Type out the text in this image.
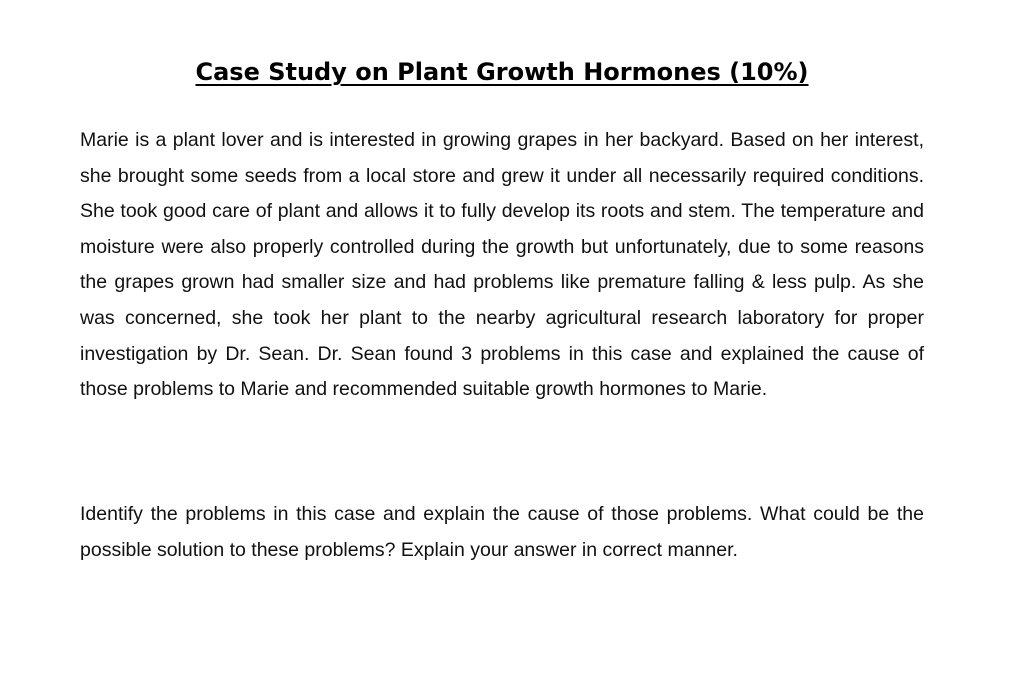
Case Study on Plant Growth Hormones (10%)

Marie is a plant lover and is interested in growing grapes in her backyard. Based on her interest, she brought some seeds from a local store and grew it under all necessarily required conditions. She took good care of plant and allows it to fully develop its roots and stem. The temperature and moisture were also properly controlled during the growth but unfortunately, due to some reasons the grapes grown had smaller size and had problems like premature falling & less pulp. As she was concerned, she took her plant to the nearby agricultural research laboratory for proper investigation by Dr. Sean. Dr. Sean found 3 problems in this case and explained the cause of those problems to Marie and recommended suitable growth hormones to Marie.

Identify the problems in this case and explain the cause of those problems. What could be the possible solution to these problems? Explain your answer in correct manner.
